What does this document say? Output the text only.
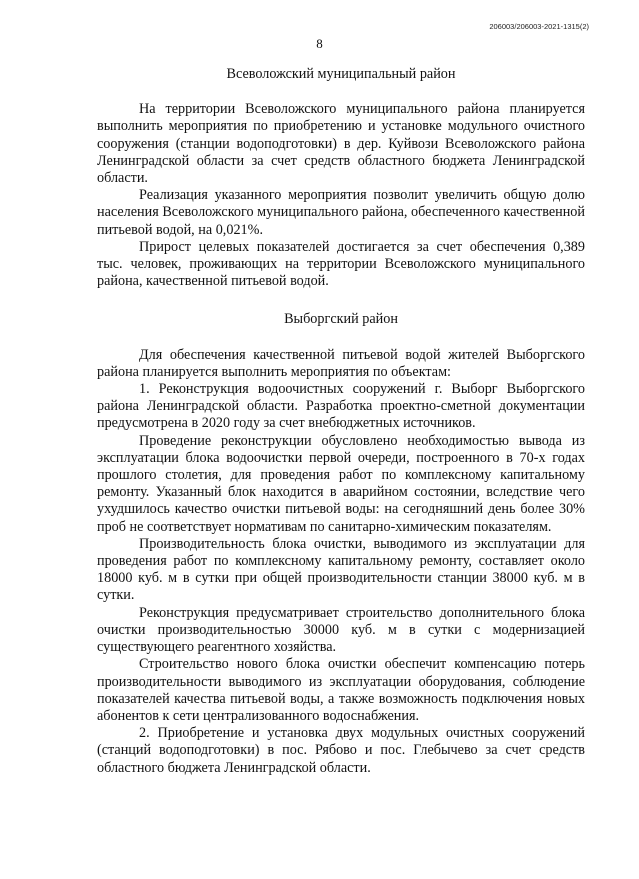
206003/206003-2021-1315(2)
8
Всеволожский муниципальный район

На территории Всеволожского муниципального района планируется выполнить мероприятия по приобретению и установке модульного очистного сооружения (станции водоподготовки) в дер. Куйвози Всеволожского района Ленинградской области за счет средств областного бюджета Ленинградской области.

Реализация указанного мероприятия позволит увеличить общую долю населения Всеволожского муниципального района, обеспеченного качественной питьевой водой, на 0,021%.

Прирост целевых показателей достигается за счет обеспечения 0,389 тыс. человек, проживающих на территории Всеволожского муниципального района, качественной питьевой водой.

Выборгский район

Для обеспечения качественной питьевой водой жителей Выборгского района планируется выполнить мероприятия по объектам:

1. Реконструкция водоочистных сооружений г. Выборг Выборгского района Ленинградской области. Разработка проектно-сметной документации предусмотрена в 2020 году за счет внебюджетных источников.

Проведение реконструкции обусловлено необходимостью вывода из эксплуатации блока водоочистки первой очереди, построенного в 70-х годах прошлого столетия, для проведения работ по комплексному капитальному ремонту. Указанный блок находится в аварийном состоянии, вследствие чего ухудшилось качество очистки питьевой воды: на сегодняшний день более 30% проб не соответствует нормативам по санитарно-химическим показателям.

Производительность блока очистки, выводимого из эксплуатации для проведения работ по комплексному капитальному ремонту, составляет около 18000 куб. м в сутки при общей производительности станции 38000 куб. м в сутки.

Реконструкция предусматривает строительство дополнительного блока очистки производительностью 30000 куб. м в сутки с модернизацией существующего реагентного хозяйства.

Строительство нового блока очистки обеспечит компенсацию потерь производительности выводимого из эксплуатации оборудования, соблюдение показателей качества питьевой воды, а также возможность подключения новых абонентов к сети централизованного водоснабжения.

2. Приобретение и установка двух модульных очистных сооружений (станций водоподготовки) в пос. Рябово и пос. Глебычево за счет средств областного бюджета Ленинградской области.
